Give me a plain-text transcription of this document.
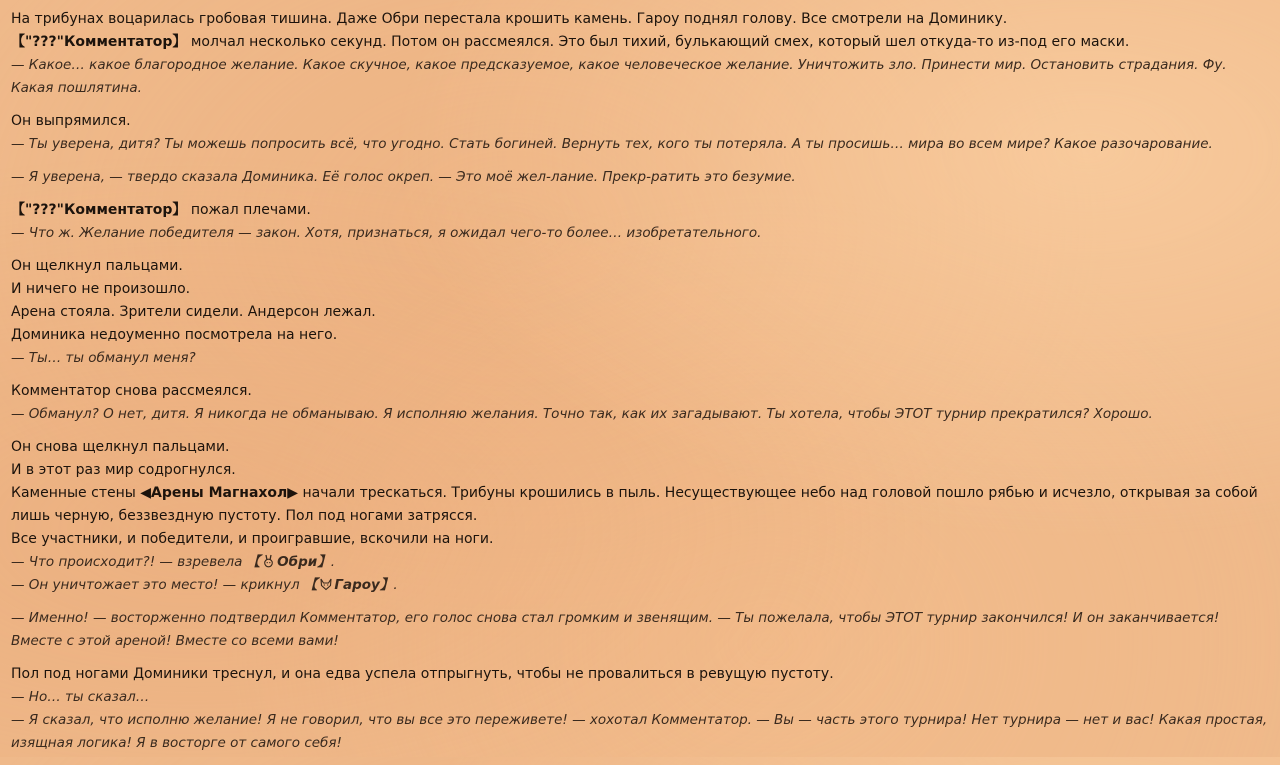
На трибунах воцарилась гробовая тишина. Даже Обри перестала крошить камень. Гароу поднял голову. Все смотрели на Доминику.
【"???"Комментатор】 молчал несколько секунд. Потом он рассмеялся. Это был тихий, булькающий смех, который шел откуда-то из-под его маски.
— Какое… какое благородное желание. Какое скучное, какое предсказуемое, какое человеческое желание. Уничтожить зло. Принести мир. Остановить страдания. Фу. Какая пошлятина.
Он выпрямился.
— Ты уверена, дитя? Ты можешь попросить всё, что угодно. Стать богиней. Вернуть тех, кого ты потеряла. А ты просишь… мира во всем мире? Какое разочарование.
— Я уверена, — твердо сказала Доминика. Её голос окреп. — Это моё жел-лание. Прекр-ратить это безумие.
【"???"Комментатор】 пожал плечами.
— Что ж. Желание победителя — закон. Хотя, признаться, я ожидал чего-то более… изобретательного.
Он щелкнул пальцами.
И ничего не произошло.
Арена стояла. Зрители сидели. Андерсон лежал.
Доминика недоуменно посмотрела на него.
— Ты… ты обманул меня?
Комментатор снова рассмеялся.
— Обманул? О нет, дитя. Я никогда не обманываю. Я исполняю желания. Точно так, как их загадывают. Ты хотела, чтобы ЭТОТ турнир прекратился? Хорошо.
Он снова щелкнул пальцами.
И в этот раз мир содрогнулся.
Каменные стены ◀Арены Магнахол▶ начали трескаться. Трибуны крошились в пыль. Несуществующее небо над головой пошло рябью и исчезло, открывая за собой лишь черную, беззвездную пустоту. Пол под ногами затрясся.
Все участники, и победители, и проигравшие, вскочили на ноги.
— Что происходит?! — взревела 【 Обри】.
— Он уничтожает это место! — крикнул 【 Гароу】.
— Именно! — восторженно подтвердил Комментатор, его голос снова стал громким и звенящим. — Ты пожелала, чтобы ЭТОТ турнир закончился! И он заканчивается! Вместе с этой ареной! Вместе со всеми вами!
Пол под ногами Доминики треснул, и она едва успела отпрыгнуть, чтобы не провалиться в ревущую пустоту.
— Но… ты сказал…
— Я сказал, что исполню желание! Я не говорил, что вы все это переживете! — хохотал Комментатор. — Вы — часть этого турнира! Нет турнира — нет и вас! Какая простая, изящная логика! Я в восторге от самого себя!
